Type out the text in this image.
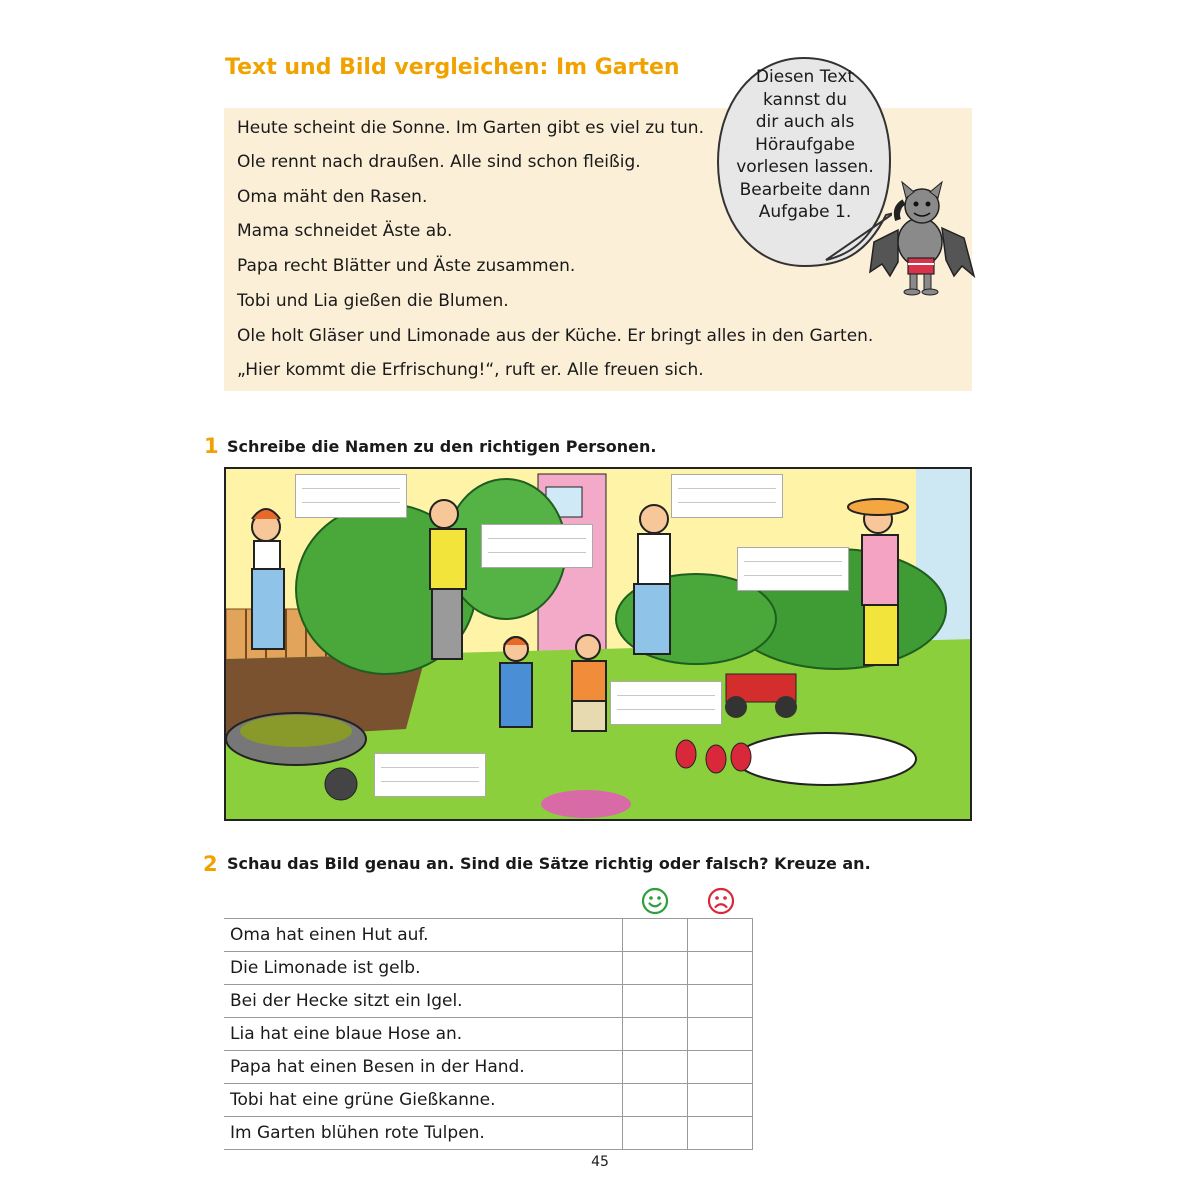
Text und Bild vergleichen: Im Garten
Heute scheint die Sonne. Im Garten gibt es viel zu tun.
Ole rennt nach draußen. Alle sind schon fleißig.
Oma mäht den Rasen.
Mama schneidet Äste ab.
Papa recht Blätter und Äste zusammen.
Tobi und Lia gießen die Blumen.
Ole holt Gläser und Limonade aus der Küche. Er bringt alles in den Garten.
„Hier kommt die Erfrischung!“, ruft er. Alle freuen sich.
Diesen Text
kannst du
dir auch als
Höraufgabe
vorlesen lassen.
Bearbeite dann
Aufgabe 1.
1 Schreibe die Namen zu den richtigen Personen.
2 Schau das Bild genau an. Sind die Sätze richtig oder falsch? Kreuze an.
Oma hat einen Hut auf.		
Die Limonade ist gelb.		
Bei der Hecke sitzt ein Igel.		
Lia hat eine blaue Hose an.		
Papa hat einen Besen in der Hand.		
Tobi hat eine grüne Gießkanne.		
Im Garten blühen rote Tulpen.		
45
